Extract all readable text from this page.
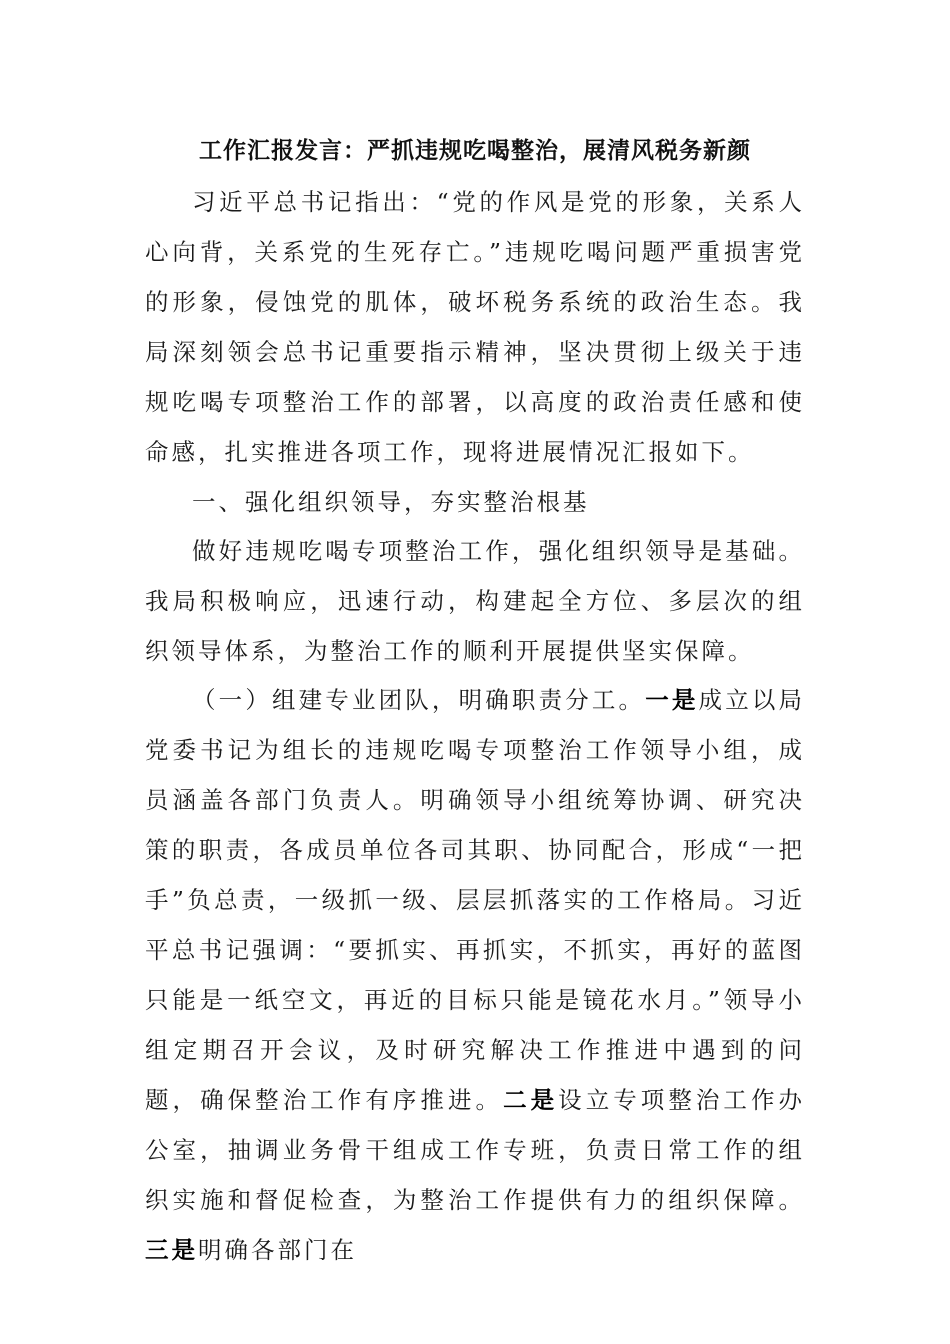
工作汇报发言：严抓违规吃喝整治，展清风税务新颜
习近平总书记指出：“党的作风是党的形象，关系人心向背，关系党的生死存亡。”违规吃喝问题严重损害党的形象，侵蚀党的肌体，破坏税务系统的政治生态。我局深刻领会总书记重要指示精神，坚决贯彻上级关于违规吃喝专项整治工作的部署，以高度的政治责任感和使命感，扎实推进各项工作，现将进展情况汇报如下。
一、强化组织领导，夯实整治根基
做好违规吃喝专项整治工作，强化组织领导是基础。我局积极响应，迅速行动，构建起全方位、多层次的组织领导体系，为整治工作的顺利开展提供坚实保障。
（一）组建专业团队，明确职责分工。一是成立以局党委书记为组长的违规吃喝专项整治工作领导小组，成员涵盖各部门负责人。明确领导小组统筹协调、研究决策的职责，各成员单位各司其职、协同配合，形成“一把手”负总责，一级抓一级、层层抓落实的工作格局。习近平总书记强调：“要抓实、再抓实，不抓实，再好的蓝图只能是一纸空文，再近的目标只能是镜花水月。”领导小组定期召开会议，及时研究解决工作推进中遇到的问题，确保整治工作有序推进。二是设立专项整治工作办公室，抽调业务骨干组成工作专班，负责日常工作的组织实施和督促检查，为整治工作提供有力的组织保障。三是明确各部门在
